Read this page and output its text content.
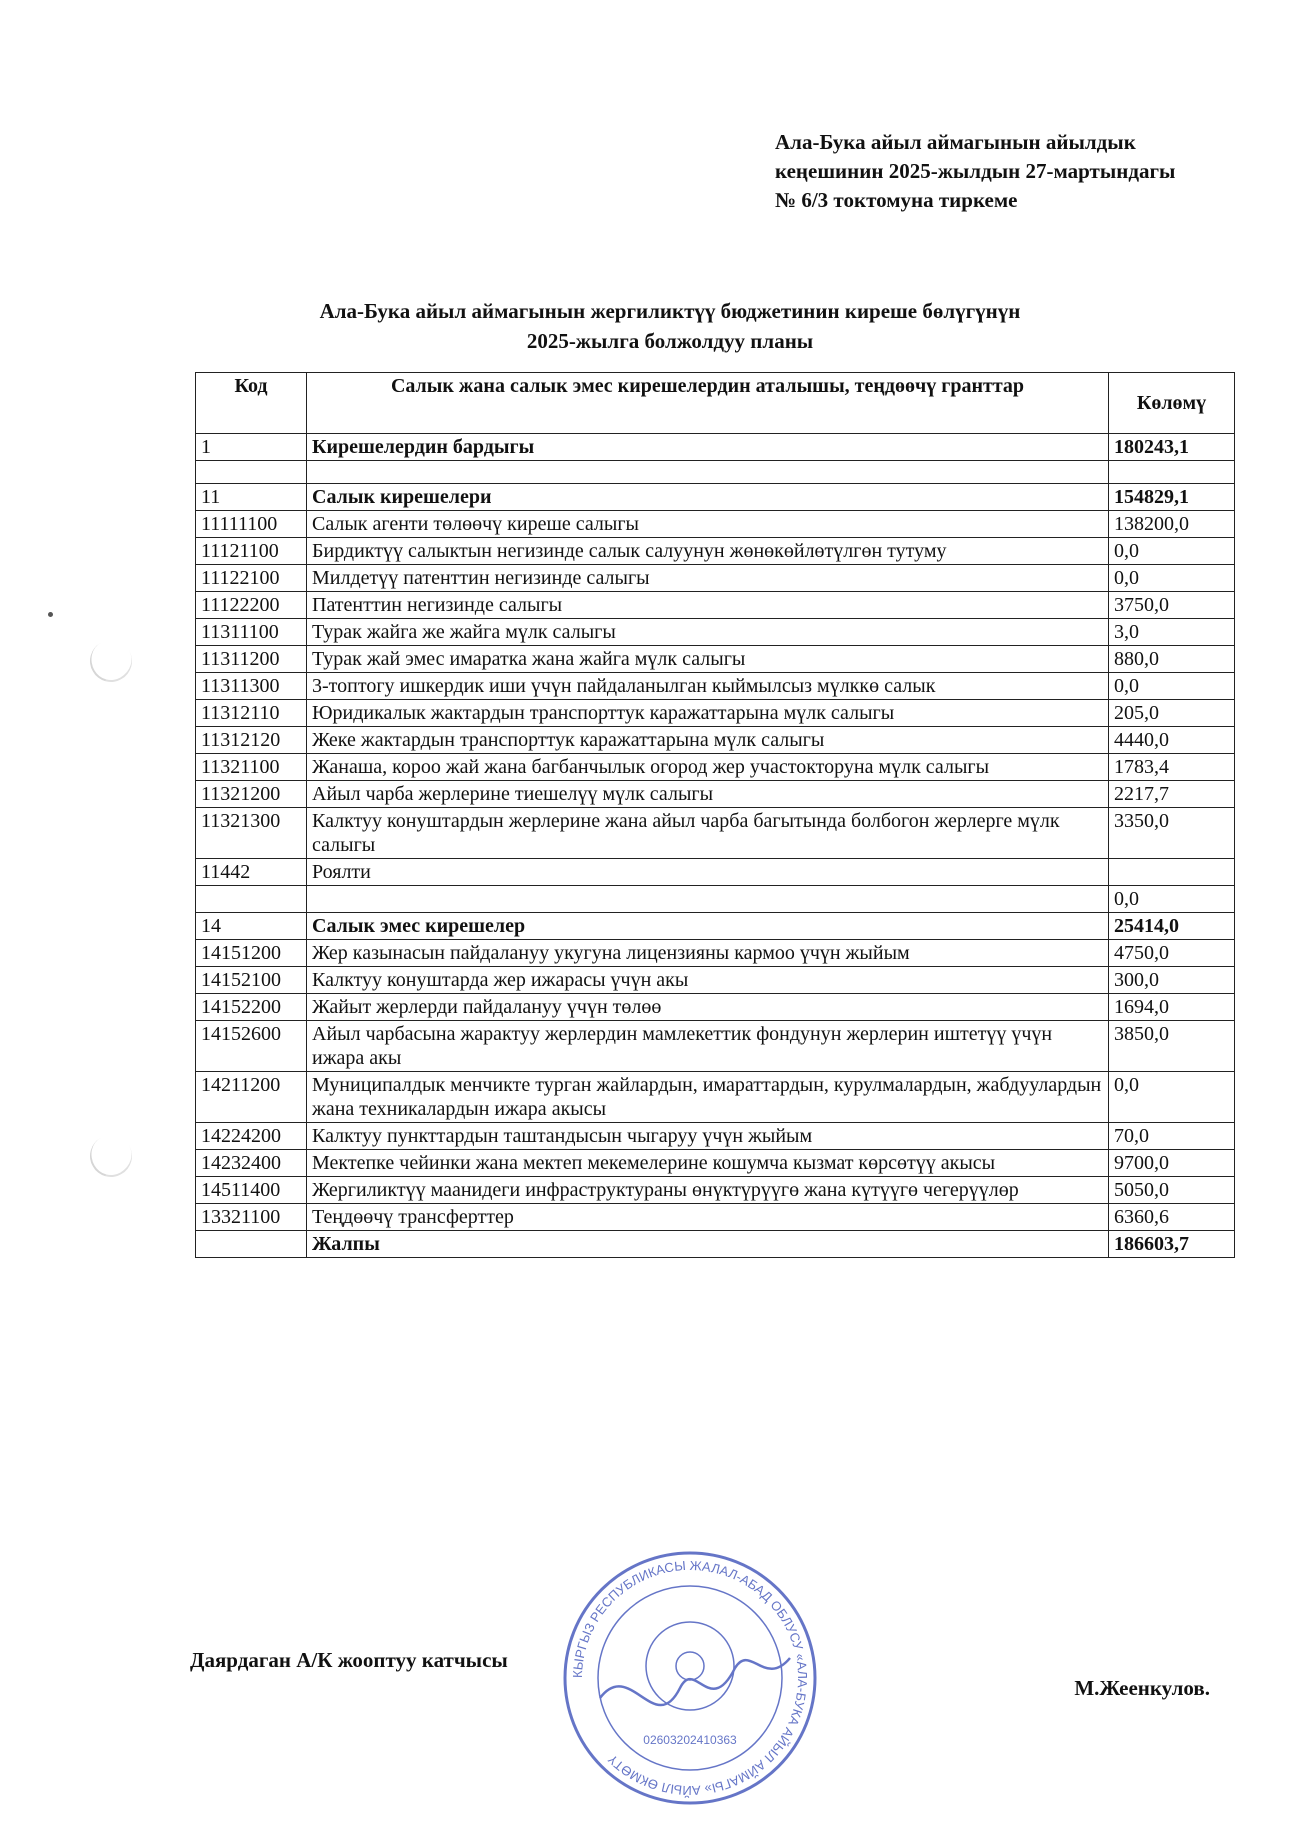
Ала-Бука айыл аймагынын айылдык
кеңешинин 2025-жылдын 27-мартындагы
№ 6/3 токтомуна тиркеме
Ала-Бука айыл аймагынын жергиликтүү бюджетинин киреше бөлүгүнүн
2025-жылга болжолдуу планы
Код	Салык жана салык эмес кирешелердин аталышы, теңдөөчү гранттар	Көлөмү
1	Кирешелердин бардыгы	180243,1

11	Салык кирешелери	154829,1
11111100	Салык агенти төлөөчү киреше салыгы	138200,0
11121100	Бирдиктүү салыктын негизинде салык салуунун жөнөкөйлөтүлгөн тутуму	0,0
11122100	Милдетүү патенттин негизинде салыгы	0,0
11122200	Патенттин негизинде салыгы	3750,0
11311100	Турак жайга же жайга мүлк салыгы	3,0
11311200	Турак жай эмес имаратка жана жайга мүлк салыгы	880,0
11311300	3-топтогу ишкердик иши үчүн пайдаланылган кыймылсыз мүлккө салык	0,0
11312110	Юридикалык жактардын транспорттук каражаттарына мүлк салыгы	205,0
11312120	Жеке жактардын транспорттук каражаттарына мүлк салыгы	4440,0
11321100	Жанаша, короо жай жана багбанчылык огород жер участокторуна мүлк салыгы	1783,4
11321200	Айыл чарба жерлерине тиешелүү мүлк салыгы	2217,7
11321300	Калктуу конуштардын жерлерине жана айыл чарба багытында болбогон жерлерге мүлк салыгы	3350,0
11442	Роялти	
		0,0
14	Салык эмес кирешелер	25414,0
14151200	Жер казынасын пайдалануу укугуна лицензияны кармоо үчүн жыйым	4750,0
14152100	Калктуу конуштарда жер ижарасы үчүн акы	300,0
14152200	Жайыт жерлерди пайдалануу үчүн төлөө	1694,0
14152600	Айыл чарбасына жарактуу жерлердин мамлекеттик фондунун жерлерин иштетүү үчүн ижара акы	3850,0
14211200	Муниципалдык менчикте турган жайлардын, имараттардын, курулмалардын, жабдуулардын жана техникалардын ижара акысы	0,0
14224200	Калктуу пункттардын таштандысын чыгаруу үчүн жыйым	70,0
14232400	Мектепке чейинки жана мектеп мекемелерине кошумча кызмат көрсөтүү акысы	9700,0
14511400	Жергиликтүү маанидеги инфраструктураны өнүктүрүүгө жана күтүүгө чегерүүлөр	5050,0
13321100	Теңдөөчү трансферттер	6360,6
	Жалпы	186603,7
Даярдаган А/К жооптуу катчысы
М.Жеенкулов.
КЫРГЫЗ РЕСПУБЛИКАСЫ ЖАЛАЛ-АБАД ОБЛУСУ «АЛА-БУКА АЙЫЛ АЙМАГЫ» АЙЫЛ ӨКМӨТҮ
02603202410363
